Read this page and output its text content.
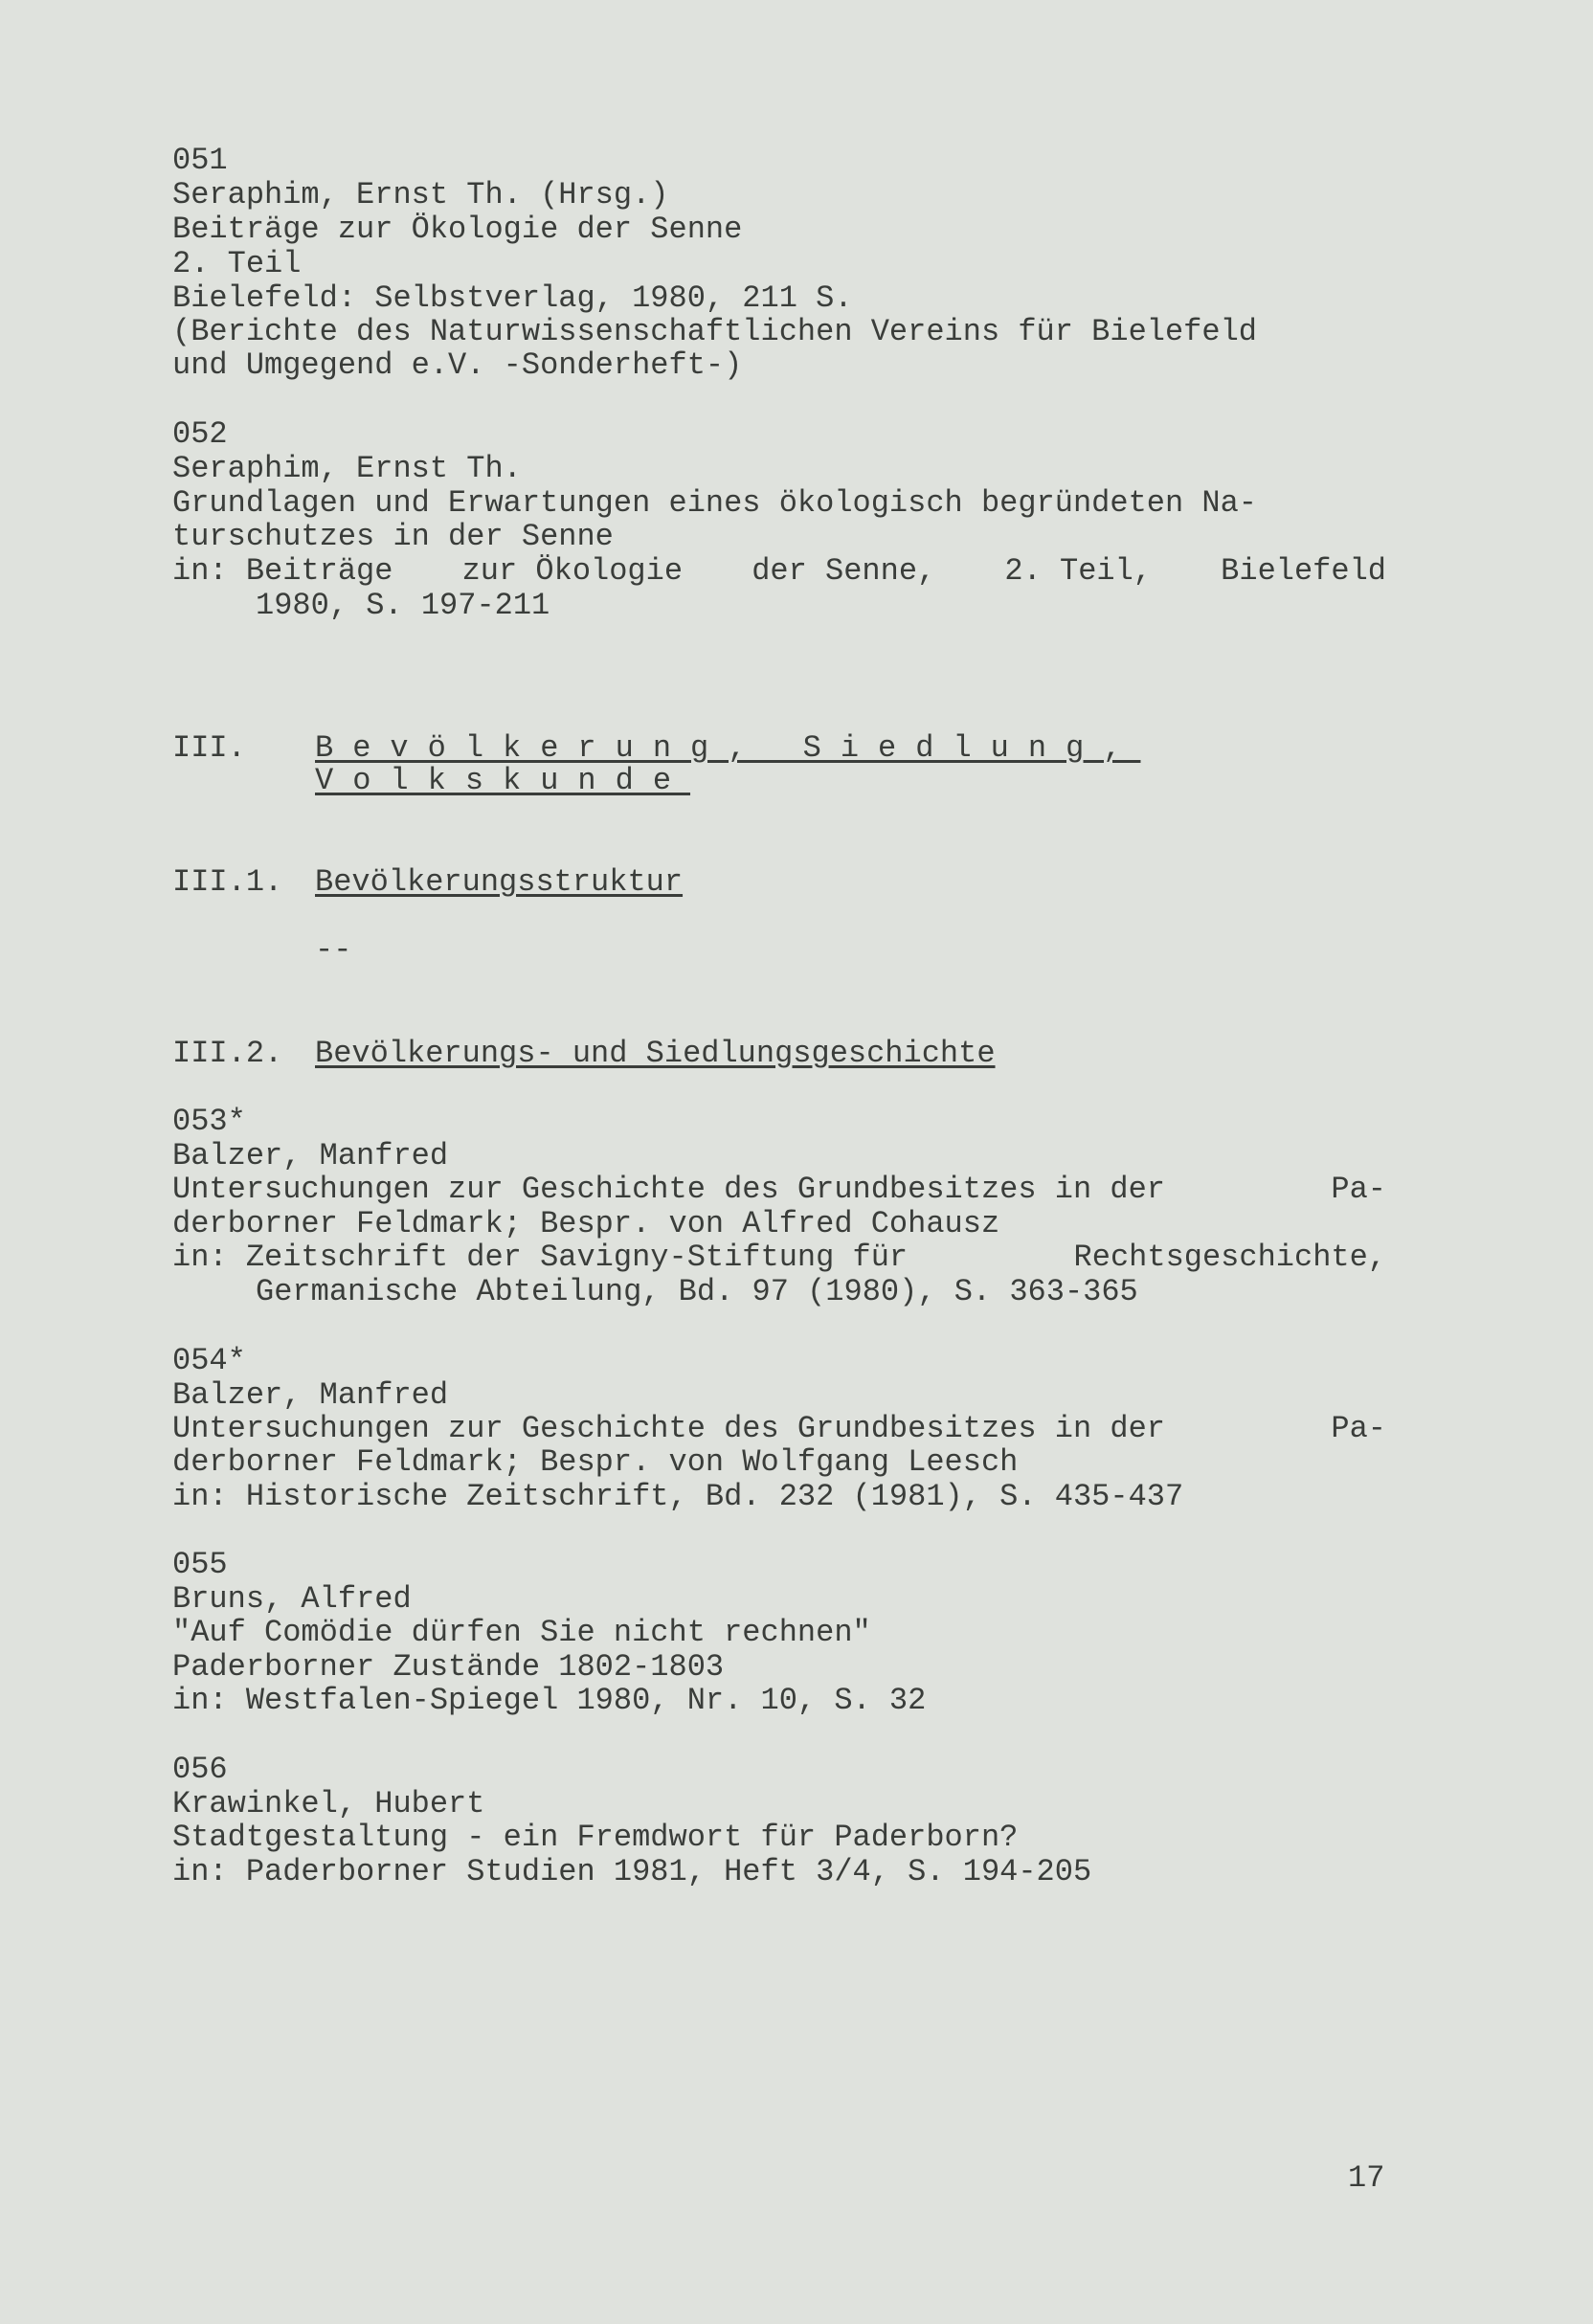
051
Seraphim, Ernst Th. (Hrsg.)
Beiträge zur Ökologie der Senne
2. Teil
Bielefeld: Selbstverlag, 1980, 211 S.
(Berichte des Naturwissenschaftlichen Vereins für Bielefeld
und Umgegend e.V. -Sonderheft-)
052
Seraphim, Ernst Th.
Grundlagen und Erwartungen eines ökologisch begründeten Na-
turschutzes in der Senne
in: Beiträge zur Ökologie der Senne, 2. Teil, Bielefeld
1980, S. 197-211
III. Bevölkerung, Siedlung,
Volkskunde
III.1. Bevölkerungsstruktur
--
III.2. Bevölkerungs- und Siedlungsgeschichte
053*
Balzer, Manfred
Untersuchungen zur Geschichte des Grundbesitzes in der	Pa-
derborner Feldmark; Bespr. von Alfred Cohausz
in: Zeitschrift der Savigny-Stiftung für	Rechtsgeschichte,
Germanische Abteilung, Bd. 97 (1980), S. 363-365
054*
Balzer, Manfred
Untersuchungen zur Geschichte des Grundbesitzes in der	Pa-
derborner Feldmark; Bespr. von Wolfgang Leesch
in: Historische Zeitschrift, Bd. 232 (1981), S. 435-437
055
Bruns, Alfred
"Auf Comödie dürfen Sie nicht rechnen"
Paderborner Zustände 1802-1803
in: Westfalen-Spiegel 1980, Nr. 10, S. 32
056
Krawinkel, Hubert
Stadtgestaltung - ein Fremdwort für Paderborn?
in: Paderborner Studien 1981, Heft 3/4, S. 194-205
17
